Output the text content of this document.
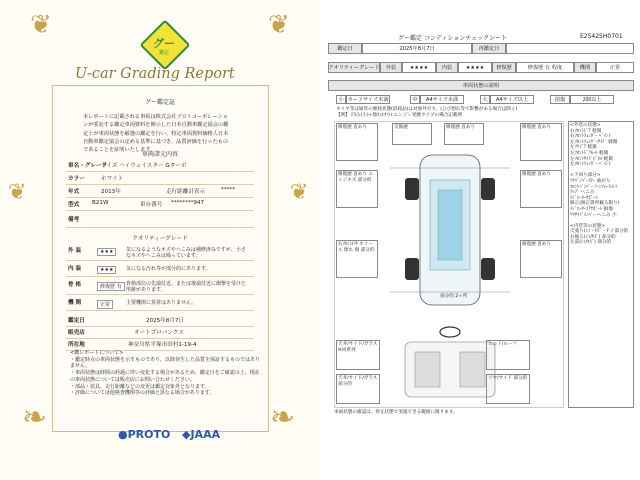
❦	❦
❧	❧
❦	❦
グー
鑑定
U-car Grading Report
グー鑑定証
本レポートに記載される車両は株式会社プロトコーポレーションが委託する鑑定車両資料を開示した日本自動車鑑定協会の鑑定士が車両状態を厳選の鑑定を行い、特定車両資料価格人日本自動車鑑定協会の定める基準に基づき、品質評価を行ったものであることを証明いたします。
車両諸元内容
車名・グレード
デイズ ハイウェイスター Gターボ
カラー	ホワイト
年式	2013年	走行距離計表示	*****
型式 B21W	車台番号 ********947
備考
クオリティーグレード
外 装	★★★	気になるようなキズやへこみは補修済みですが、小さなキズやへこみは残っています。
内 装	★★★	気になる汚れ等が部分的にあります。
骨 格	修復歴 有 骨格部位の先端付近、または後端付近に衝撃を受けた形跡があります。
機 関	正常	主要機関に異常はありません。
鑑定日	2025年8月7日
販売店	オートプロバンクス
所在地	神奈川県平塚市田村1-19-4
<鑑レポートについて>
・鑑定時点の車両状態を示すものであり、以降発生した品質を保証するものではありません。
・車両状態は時間の経過に伴い変化する場合があるため、鑑定日をご確認の上、現在の車両状態については販売店にお問い合わせください。
・部品・装具、走行距離などの変更は鑑定対象外となります。
・評価については他検査機関等の評価と異なる場合があります。
●PROTO ◆JAAA
グー鑑定 コンディションチェックシート	E25425H0701
鑑定日	2025年8月7日	再鑑定日
クオリティーグレード	外装	★★★★	内装	★★★★	修復歴	修復歴 有 程度	機関	正常
車両状態の説明
小 カードサイズ未満	中	A4サイズ未満	大	A4サイズ以上	損傷	2個以上
タイヤ等は通常の摩耗状態(消耗品)は対象外です。(ひび割れ等で影響がある場合は除く)
【例】 凹み(小)+擦れ(中)+エンジン発煙タイプの場合記載例
修復歴 直あり	交換歴	修復歴 直あり	修復歴 直あり
修復歴 直あり エッジキズ 部分的
修復歴 直あり
右ﾌﾛﾝﾄ/ﾘﾔ ホイール 擦れ 傷 部分的
修復歴 直あり
天井/サイド/ガラス ※同系列
ヒルト/ルーフ
天井/サイド/ガラス 部分的
リヤ/サイド 部分的
部分的 2ヶ所
<外装の状態>
右ﾌﾛﾝﾄﾄﾞｱ 軽微
右ﾌﾛﾝﾄﾌｪﾝﾀﾞｰ ﾍﾟｲﾝﾄ
左ﾌﾛﾝﾄﾌｪﾝﾀﾞｰｻｲﾄﾞ 軽微
左ﾘﾔﾄﾞｱ 軽微
左ﾌﾛﾝﾄﾄﾞｱﾓｰﾙ 軽微
左ﾌﾛﾝﾄｻｲﾄﾞﾊﾟﾈﾙ 軽微
左ﾌﾛﾝﾄﾌｪﾝﾀﾞｰ ﾍﾟｲﾝﾄ

<下回り部分>
ﾘﾔﾊﾞﾝﾊﾟｰｽﾃｰ 曲がり
ﾌﾛﾝﾄﾊﾞﾝﾊﾟｰ ﾘｰﾝﾌｫｰｽﾒﾝﾄ
ﾁｯﾌﾟ へこみ
ﾗｼﾞｴｰﾀｰｻﾎﾟｰﾄ
修正(修正箇所観る限り)
ﾗｼﾞｴｰﾀｰｺｱｻﾎﾟｰﾄ 損傷
ﾘﾔｻｲﾄﾞﾒﾝﾊﾞｰ へこみ 小

<内装等の状態>
天張り(ｼﾐ・ｷｽﾞ・ﾀﾞﾒ 部分的
右後ろ(ｼﾐ/ｷｽﾞ) 部分的
左前(ｼﾐ/ｷｽﾞ) 部分的
車両状態の確認は、停止状態で実施できる範囲に限ります。
